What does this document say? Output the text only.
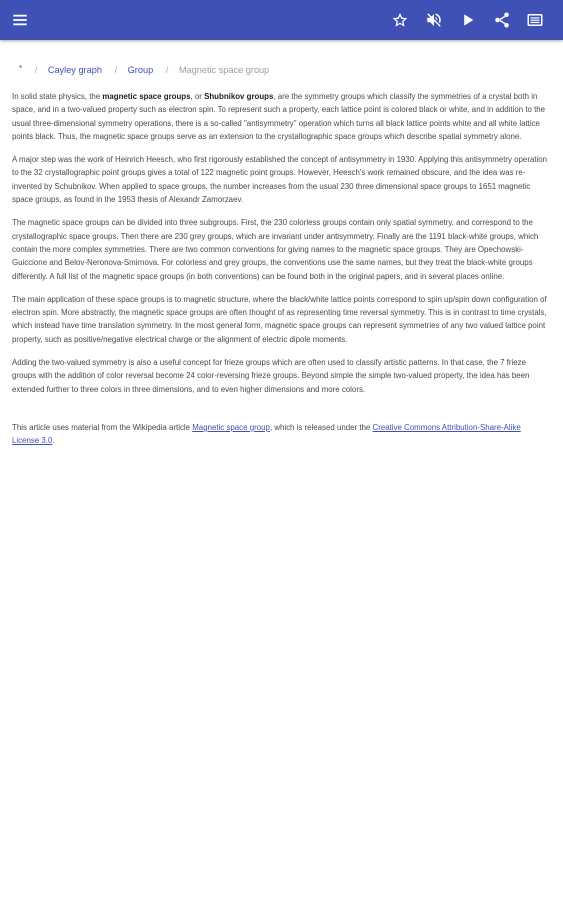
* / Cayley graph / Group / Magnetic space group

In solid state physics, the magnetic space groups, or Shubnikov groups, are the symmetry groups which classify the symmetries of a crystal both in space, and in a two-valued property such as electron spin. To represent such a property, each lattice point is colored black or white, and in addition to the usual three-dimensional symmetry operations, there is a so-called "antisymmetry" operation which turns all black lattice points white and all white lattice points black. Thus, the magnetic space groups serve as an extension to the crystallographic space groups which describe spatial symmetry alone.

A major step was the work of Heinrich Heesch, who first rigorously established the concept of antisymmetry in 1930. Applying this antisymmetry operation to the 32 crystallographic point groups gives a total of 122 magnetic point groups. However, Heesch's work remained obscure, and the idea was re-invented by Schubnikov. When applied to space groups, the number increases from the usual 230 three dimensional space groups to 1651 magnetic space groups, as found in the 1953 thesis of Alexandr Zamorzaev.

The magnetic space groups can be divided into three subgroups. First, the 230 colorless groups contain only spatial symmetry, and correspond to the crystallographic space groups. Then there are 230 grey groups, which are invariant under antisymmetry. Finally are the 1191 black-white groups, which contain the more complex symmetries. There are two common conventions for giving names to the magnetic space groups. They are Opechowski-Guiccione and Belov-Neronova-Smirnova. For colorless and grey groups, the conventions use the same names, but they treat the black-white groups differently. A full list of the magnetic space groups (in both conventions) can be found both in the original papers, and in several places online.

The main application of these space groups is to magnetic structure, where the black/white lattice points correspond to spin up/spin down configuration of electron spin. More abstractly, the magnetic space groups are often thought of as representing time reversal symmetry. This is in contrast to time crystals, which instead have time translation symmetry. In the most general form, magnetic space groups can represent symmetries of any two valued lattice point property, such as positive/negative electrical charge or the alignment of electric dipole moments.

Adding the two-valued symmetry is also a useful concept for frieze groups which are often used to classify artistic patterns. In that case, the 7 frieze groups with the addition of color reversal become 24 color-reversing frieze groups. Beyond simple the simple two-valued property, the idea has been extended further to three colors in three dimensions, and to even higher dimensions and more colors.

This article uses material from the Wikipedia article Magnetic space group, which is released under the Creative Commons Attribution-Share-Alike License 3.0.
